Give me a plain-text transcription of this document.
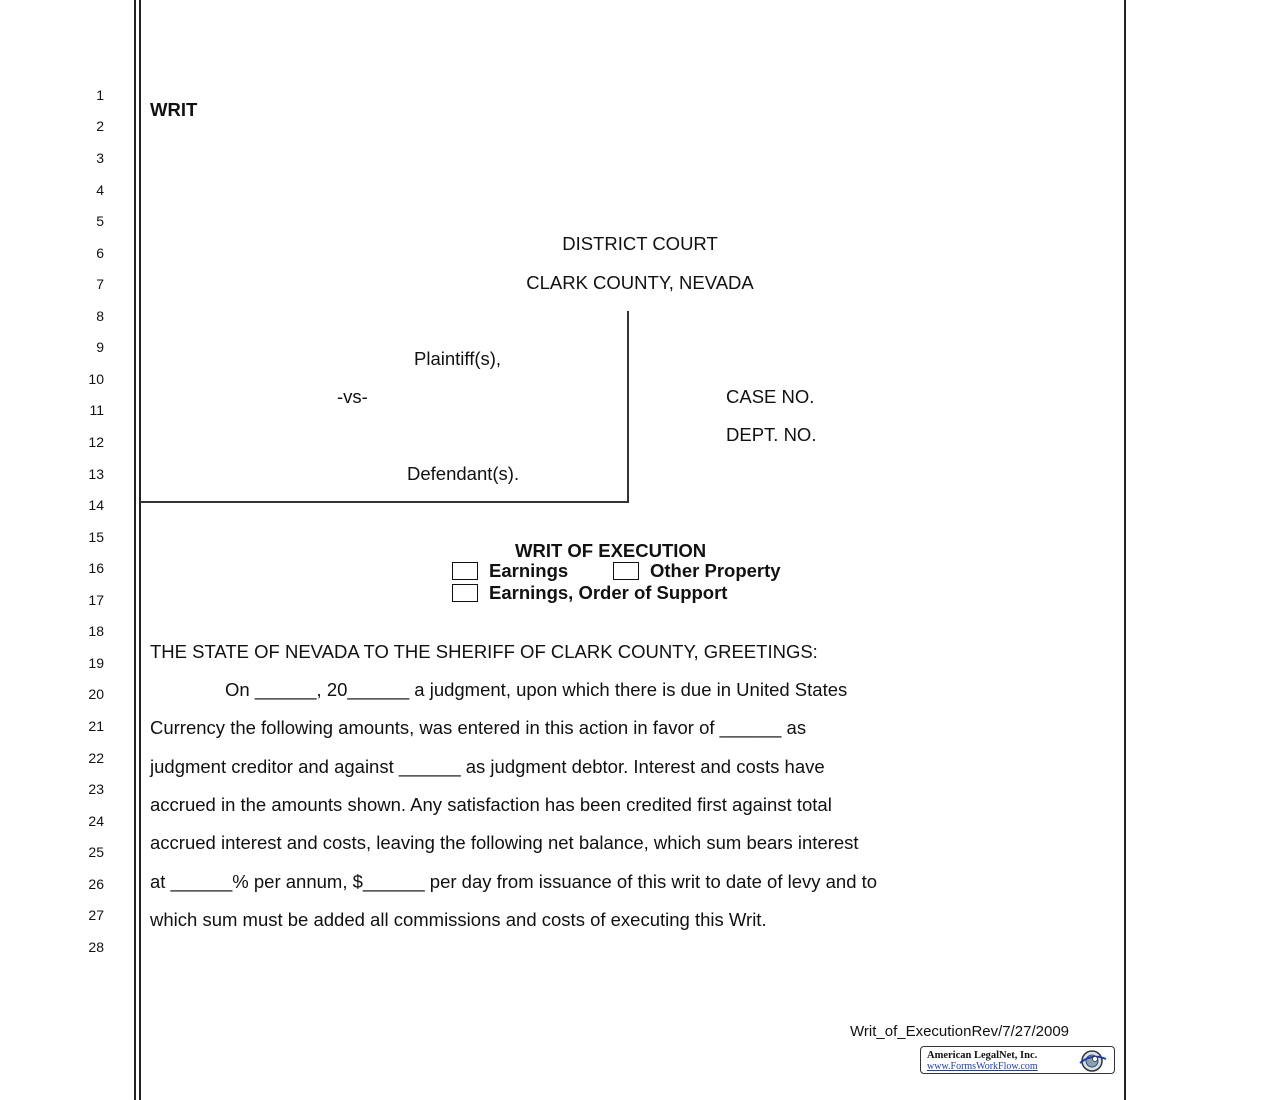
1
2
3
4
5
6
7
8
9
10
11
12
13
14
15
16
17
18
19
20
21
22
23
24
25
26
27
28
WRIT
DISTRICT COURT
CLARK COUNTY, NEVADA
Plaintiff(s),
-vs-
Defendant(s).
CASE NO.
DEPT. NO.
WRIT OF EXECUTION
Earnings	Other Property
Earnings, Order of Support
THE STATE OF NEVADA TO THE SHERIFF OF CLARK COUNTY, GREETINGS:
On ______, 20______ a judgment, upon which there is due in United States
Currency the following amounts, was entered in this action in favor of ______ as
judgment creditor and against ______ as judgment debtor. Interest and costs have
accrued in the amounts shown. Any satisfaction has been credited first against total
accrued interest and costs, leaving the following net balance, which sum bears interest
at ______% per annum, $______ per day from issuance of this writ to date of levy and to
which sum must be added all commissions and costs of executing this Writ.
Writ_of_ExecutionRev/7/27/2009
American LegalNet, Inc.
www.FormsWorkFlow.com
